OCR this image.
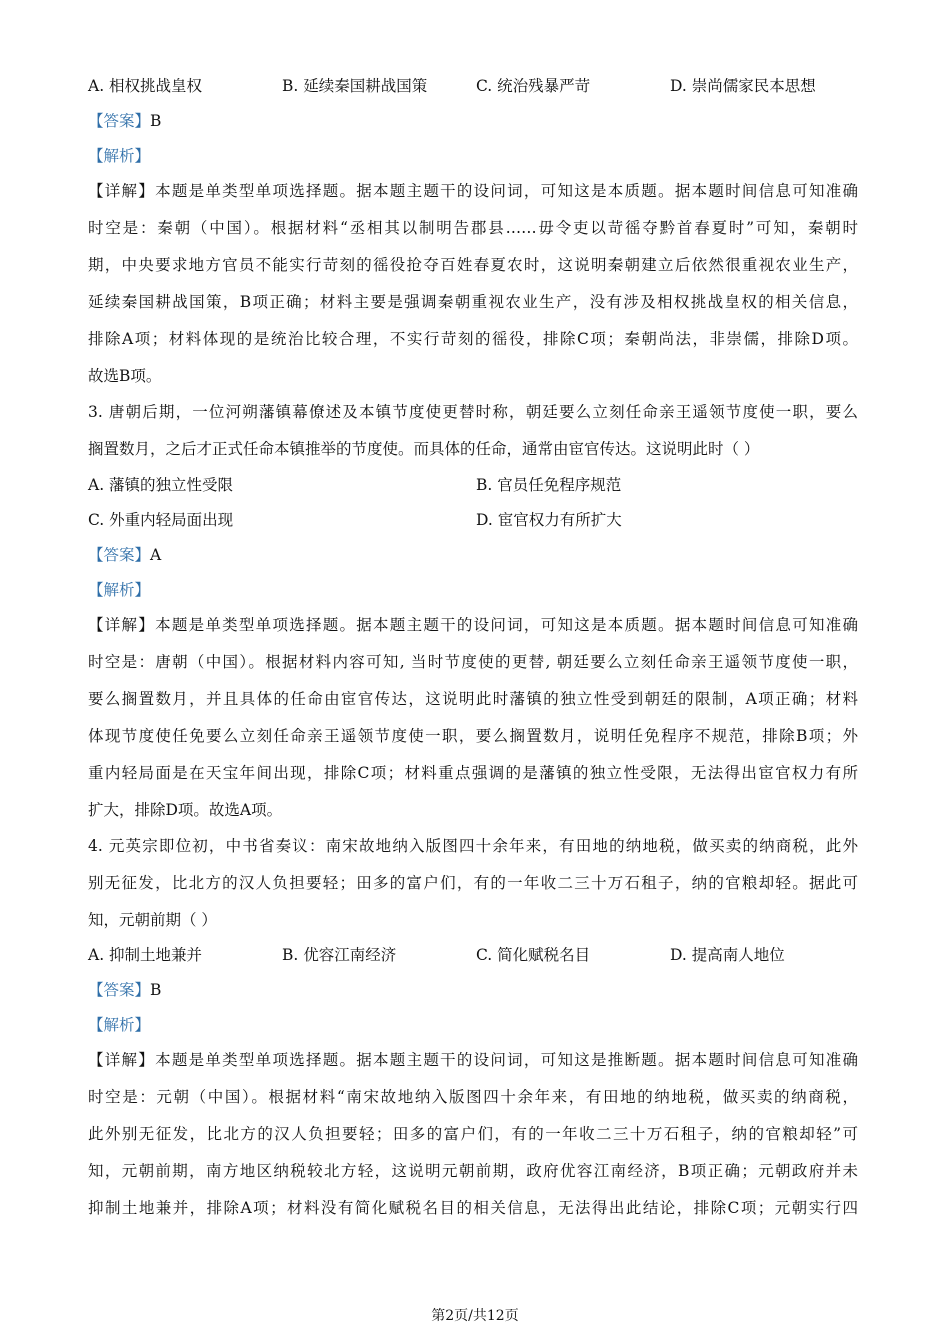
A. 相权挑战皇权	B. 延续秦国耕战国策	C. 统治残暴严苛	D. 崇尚儒家民本思想
【答案】B
【解析】
【详解】本题是单类型单项选择题。据本题主题干的设问词，可知这是本质题。据本题时间信息可知准确
时空是：秦朝（中国）。根据材料“丞相其以制明告郡县……毋令吏以苛徭夺黔首春夏时”可知，秦朝时
期，中央要求地方官员不能实行苛刻的徭役抢夺百姓春夏农时，这说明秦朝建立后依然很重视农业生产，
延续秦国耕战国策，B项正确；材料主要是强调秦朝重视农业生产，没有涉及相权挑战皇权的相关信息，
排除A项；材料体现的是统治比较合理，不实行苛刻的徭役，排除C项；秦朝尚法，非崇儒，排除D项。
故选B项。
3. 唐朝后期，一位河朔藩镇幕僚述及本镇节度使更替时称，朝廷要么立刻任命亲王遥领节度使一职，要么
搁置数月，之后才正式任命本镇推举的节度使。而具体的任命，通常由宦官传达。这说明此时（ ）
A. 藩镇的独立性受限	B. 官员任免程序规范
C. 外重内轻局面出现	D. 宦官权力有所扩大
【答案】A
【解析】
【详解】本题是单类型单项选择题。据本题主题干的设问词，可知这是本质题。据本题时间信息可知准确
时空是：唐朝（中国）。根据材料内容可知, 当时节度使的更替, 朝廷要么立刻任命亲王遥领节度使一职，
要么搁置数月，并且具体的任命由宦官传达，这说明此时藩镇的独立性受到朝廷的限制，A项正确；材料
体现节度使任免要么立刻任命亲王遥领节度使一职，要么搁置数月，说明任免程序不规范，排除B项；外
重内轻局面是在天宝年间出现，排除C项；材料重点强调的是藩镇的独立性受限，无法得出宦官权力有所
扩大，排除D项。故选A项。
4. 元英宗即位初，中书省奏议：南宋故地纳入版图四十余年来，有田地的纳地税，做买卖的纳商税，此外
别无征发，比北方的汉人负担要轻；田多的富户们，有的一年收二三十万石租子，纳的官粮却轻。据此可
知，元朝前期（ ）
A. 抑制土地兼并	B. 优容江南经济	C. 简化赋税名目	D. 提高南人地位
【答案】B
【解析】
【详解】本题是单类型单项选择题。据本题主题干的设问词，可知这是推断题。据本题时间信息可知准确
时空是：元朝（中国）。根据材料“南宋故地纳入版图四十余年来，有田地的纳地税，做买卖的纳商税，
此外别无征发，比北方的汉人负担要轻；田多的富户们，有的一年收二三十万石租子，纳的官粮却轻”可
知，元朝前期，南方地区纳税较北方轻，这说明元朝前期，政府优容江南经济，B项正确；元朝政府并未
抑制土地兼并，排除A项；材料没有简化赋税名目的相关信息，无法得出此结论，排除C项；元朝实行四
第2页/共12页
